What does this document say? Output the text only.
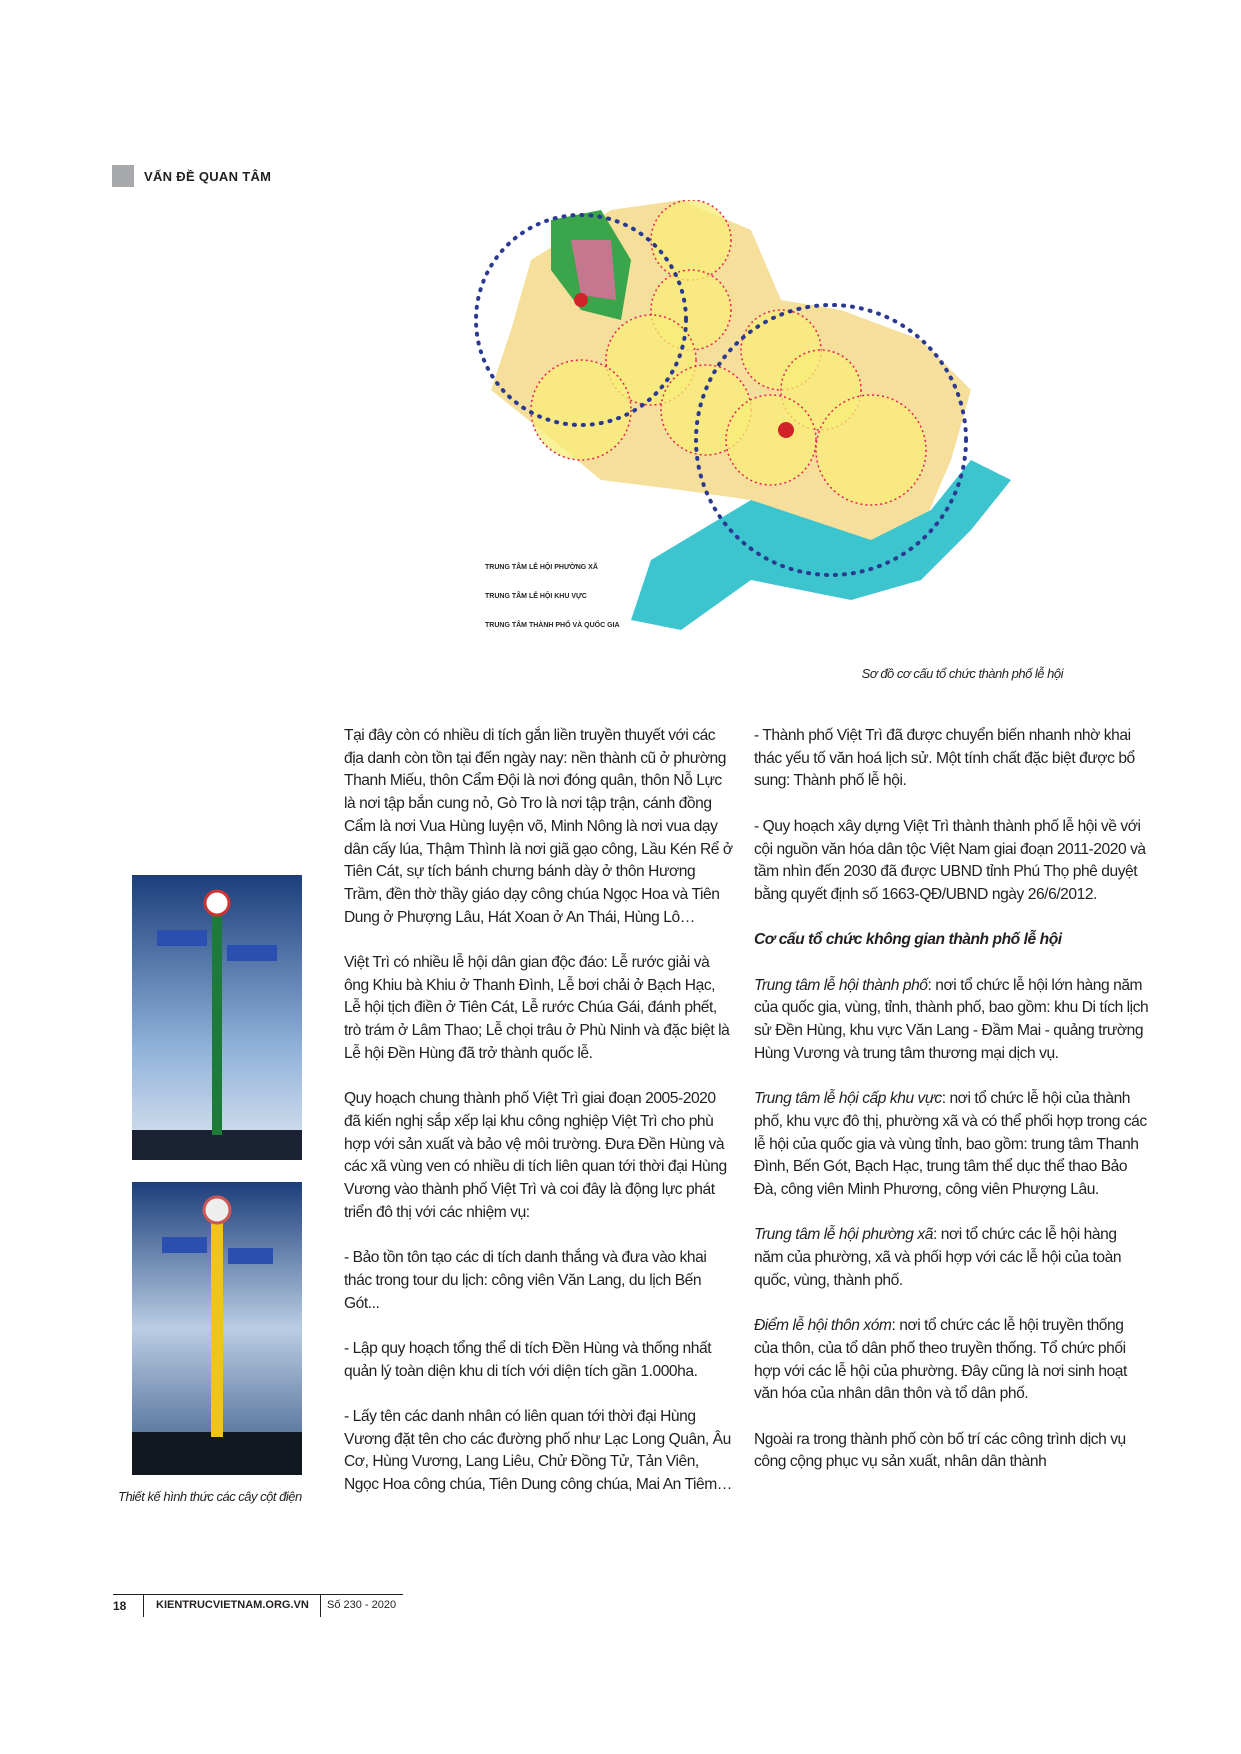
VẤN ĐỀ QUAN TÂM
TRUNG TÂM LỄ HỘI PHƯỜNG XÃ
TRUNG TÂM LỄ HỘI KHU VỰC
TRUNG TÂM THÀNH PHỐ VÀ QUỐC GIA
Sơ đồ cơ cấu tổ chức thành phố lễ hội
Thiết kế hình thức các cây cột điện

Tại đây còn có nhiều di tích gắn liền truyền thuyết với các địa danh còn tồn tại đến ngày nay: nền thành cũ ở phường Thanh Miếu, thôn Cẩm Đội là nơi đóng quân, thôn Nỗ Lực là nơi tập bắn cung nỏ, Gò Tro là nơi tập trận, cánh đồng Cẩm là nơi Vua Hùng luyện võ, Minh Nông là nơi vua dạy dân cấy lúa, Thậm Thình là nơi giã gạo công, Lầu Kén Rể ở Tiên Cát, sự tích bánh chưng bánh dày ở thôn Hương Trầm, đền thờ thầy giáo dạy công chúa Ngọc Hoa và Tiên Dung ở Phượng Lâu, Hát Xoan ở An Thái, Hùng Lô…

Việt Trì có nhiều lễ hội dân gian độc đáo: Lễ rước giải và ông Khiu bà Khiu ở Thanh Đình, Lễ bơi chải ở Bạch Hạc, Lễ hội tịch điền ở Tiên Cát, Lễ rước Chúa Gái, đánh phết, trò trám ở Lâm Thao; Lễ chọi trâu ở Phù Ninh và đặc biệt là Lễ hội Đền Hùng đã trở thành quốc lễ.

Quy hoạch chung thành phố Việt Trì giai đoạn 2005-2020 đã kiến nghị sắp xếp lại khu công nghiệp Việt Trì cho phù hợp với sản xuất và bảo vệ môi trường. Đưa Đền Hùng và các xã vùng ven có nhiều di tích liên quan tới thời đại Hùng Vương vào thành phố Việt Trì và coi đây là động lực phát triển đô thị với các nhiệm vụ:

- Bảo tồn tôn tạo các di tích danh thắng và đưa vào khai thác trong tour du lịch: công viên Văn Lang, du lịch Bến Gót...

- Lập quy hoạch tổng thể di tích Đền Hùng và thống nhất quản lý toàn diện khu di tích với diện tích gần 1.000ha.

- Lấy tên các danh nhân có liên quan tới thời đại Hùng Vương đặt tên cho các đường phố như Lạc Long Quân, Âu Cơ, Hùng Vương, Lang Liêu, Chử Đồng Tử, Tản Viên, Ngọc Hoa công chúa, Tiên Dung công chúa, Mai An Tiêm…

- Thành phố Việt Trì đã được chuyển biến nhanh nhờ khai thác yếu tố văn hoá lịch sử. Một tính chất đặc biệt được bổ sung: Thành phố lễ hội.

- Quy hoạch xây dựng Việt Trì thành thành phố lễ hội về với cội nguồn văn hóa dân tộc Việt Nam giai đoạn 2011-2020 và tầm nhìn đến 2030 đã được UBND tỉnh Phú Thọ phê duyệt bằng quyết định số 1663-QĐ/UBND ngày 26/6/2012.

Cơ cấu tổ chức không gian thành phố lễ hội

Trung tâm lễ hội thành phố: nơi tổ chức lễ hội lớn hàng năm của quốc gia, vùng, tỉnh, thành phố, bao gồm: khu Di tích lịch sử Đền Hùng, khu vực Văn Lang - Đầm Mai - quảng trường Hùng Vương và trung tâm thương mại dịch vụ.

Trung tâm lễ hội cấp khu vực: nơi tổ chức lễ hội của thành phố, khu vực đô thị, phường xã và có thể phối hợp trong các lễ hội của quốc gia và vùng tỉnh, bao gồm: trung tâm Thanh Đình, Bến Gót, Bạch Hạc, trung tâm thể dục thể thao Bảo Đà, công viên Minh Phương, công viên Phượng Lâu.

Trung tâm lễ hội phường xã: nơi tổ chức các lễ hội hàng năm của phường, xã và phối hợp với các lễ hội của toàn quốc, vùng, thành phố.

Điểm lễ hội thôn xóm: nơi tổ chức các lễ hội truyền thống của thôn, của tổ dân phố theo truyền thống. Tổ chức phối hợp với các lễ hội của phường. Đây cũng là nơi sinh hoạt văn hóa của nhân dân thôn và tổ dân phố.

Ngoài ra trong thành phố còn bố trí các công trình dịch vụ công cộng phục vụ sản xuất, nhân dân thành

18	KIENTRUCVIETNAM.ORG.VN Số 230 - 2020
